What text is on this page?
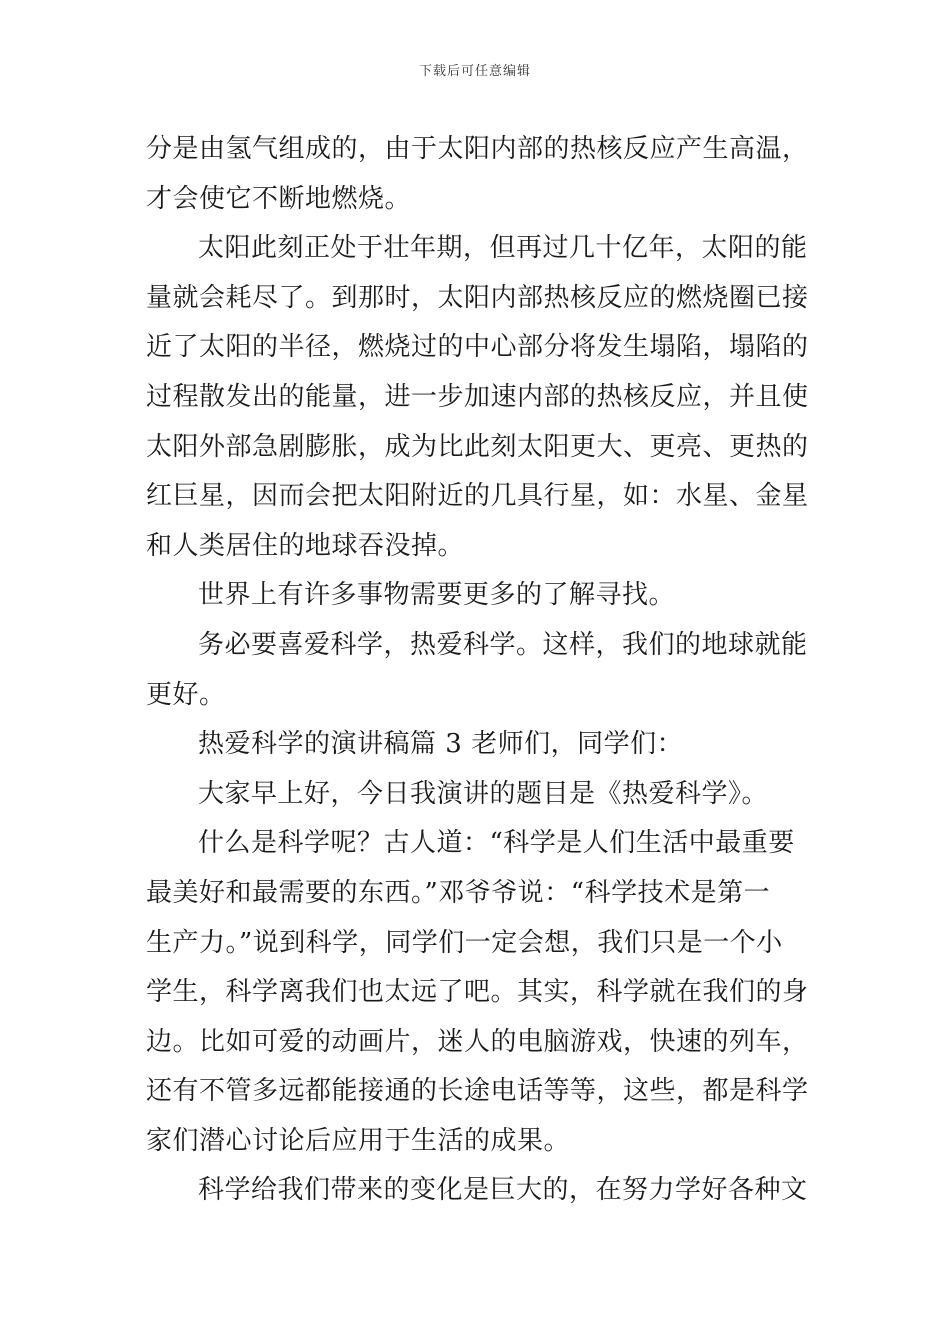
下载后可任意编辑

分是由氢气组成的，由于太阳内部的热核反应产生高温，
才会使它不断地燃烧。

太阳此刻正处于壮年期，但再过几十亿年，太阳的能
量就会耗尽了。到那时，太阳内部热核反应的燃烧圈已接
近了太阳的半径，燃烧过的中心部分将发生塌陷，塌陷的
过程散发出的能量，进一步加速内部的热核反应，并且使
太阳外部急剧膨胀，成为比此刻太阳更大、更亮、更热的
红巨星，因而会把太阳附近的几具行星，如：水星、金星
和人类居住的地球吞没掉。

世界上有许多事物需要更多的了解寻找。

务必要喜爱科学，热爱科学。这样，我们的地球就能
更好。

热爱科学的演讲稿篇 3 老师们，同学们：

大家早上好，今日我演讲的题目是《热爱科学》。

什么是科学呢？古人道：“科学是人们生活中最重要
最美好和最需要的东西。”邓爷爷说：“科学技术是第一
生产力。”说到科学，同学们一定会想，我们只是一个小
学生，科学离我们也太远了吧。其实，科学就在我们的身
边。比如可爱的动画片，迷人的电脑游戏，快速的列车，
还有不管多远都能接通的长途电话等等，这些，都是科学
家们潜心讨论后应用于生活的成果。

科学给我们带来的变化是巨大的，在努力学好各种文
